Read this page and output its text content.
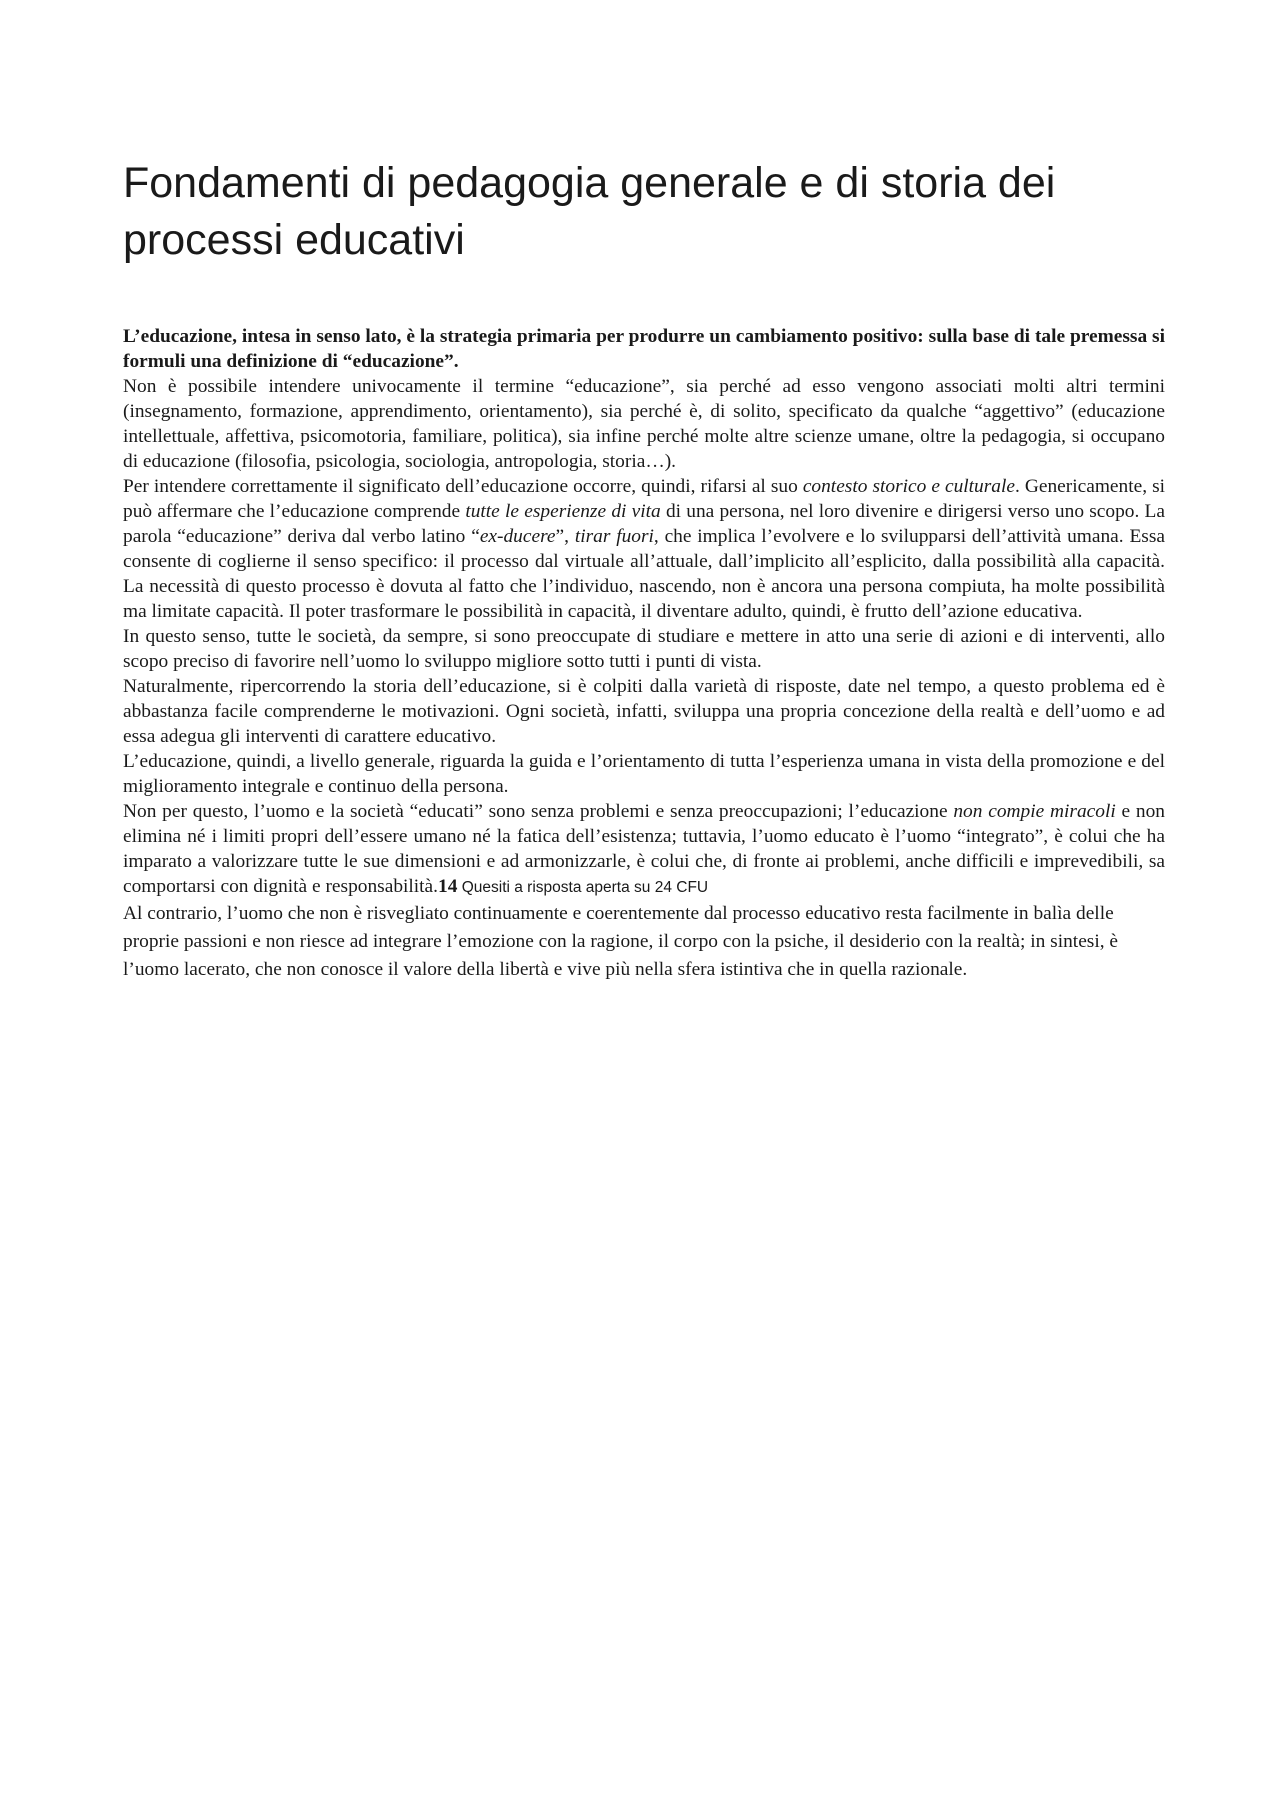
Fondamenti di pedagogia generale e di storia dei processi educativi

L’educazione, intesa in senso lato, è la strategia primaria per produrre un cambiamento positivo: sulla base di tale premessa si formuli una definizione di “educazione”.

Non è possibile intendere univocamente il termine “educazione”, sia perché ad esso vengono associati molti altri termini (insegnamento, formazione, apprendimento, orientamento), sia perché è, di solito, specificato da qualche “aggettivo” (educazione intellettuale, affettiva, psicomotoria, familiare, politica), sia infine perché molte altre scienze umane, oltre la pedagogia, si occupano di educazione (filosofia, psicologia, sociologia, antropologia, storia…).

Per intendere correttamente il significato dell’educazione occorre, quindi, rifarsi al suo contesto storico e culturale. Genericamente, si può affermare che l’educazione comprende tutte le esperienze di vita di una persona, nel loro divenire e dirigersi verso uno scopo. La parola “educazione” deriva dal verbo latino “ex-ducere”, tirar fuori, che implica l’evolvere e lo svilupparsi dell’attività umana. Essa consente di coglierne il senso specifico: il processo dal virtuale all’attuale, dall’implicito all’esplicito, dalla possibilità alla capacità. La necessità di questo processo è dovuta al fatto che l’individuo, nascendo, non è ancora una persona compiuta, ha molte possibilità ma limitate capacità. Il poter trasformare le possibilità in capacità, il diventare adulto, quindi, è frutto dell’azione educativa.

In questo senso, tutte le società, da sempre, si sono preoccupate di studiare e mettere in atto una serie di azioni e di interventi, allo scopo preciso di favorire nell’uomo lo sviluppo migliore sotto tutti i punti di vista.

Naturalmente, ripercorrendo la storia dell’educazione, si è colpiti dalla varietà di risposte, date nel tempo, a questo problema ed è abbastanza facile comprenderne le motivazioni. Ogni società, infatti, sviluppa una propria concezione della realtà e dell’uomo e ad essa adegua gli interventi di carattere educativo.

L’educazione, quindi, a livello generale, riguarda la guida e l’orientamento di tutta l’esperienza umana in vista della promozione e del miglioramento integrale e continuo della persona.

Non per questo, l’uomo e la società “educati” sono senza problemi e senza preoccupazioni; l’educazione non compie miracoli e non elimina né i limiti propri dell’essere umano né la fatica dell’esistenza; tuttavia, l’uomo educato è l’uomo “integrato”, è colui che ha imparato a valorizzare tutte le sue dimensioni e ad armonizzarle, è colui che, di fronte ai problemi, anche difficili e imprevedibili, sa comportarsi con dignità e responsabilità.14 Quesiti a risposta aperta su 24 CFU

Al contrario, l’uomo che non è risvegliato continuamente e coerentemente dal processo educativo resta facilmente in balìa delle proprie passioni e non riesce ad integrare l’emozione con la ragione, il corpo con la psiche, il desiderio con la realtà; in sintesi, è l’uomo lacerato, che non conosce il valore della libertà e vive più nella sfera istintiva che in quella razionale.
